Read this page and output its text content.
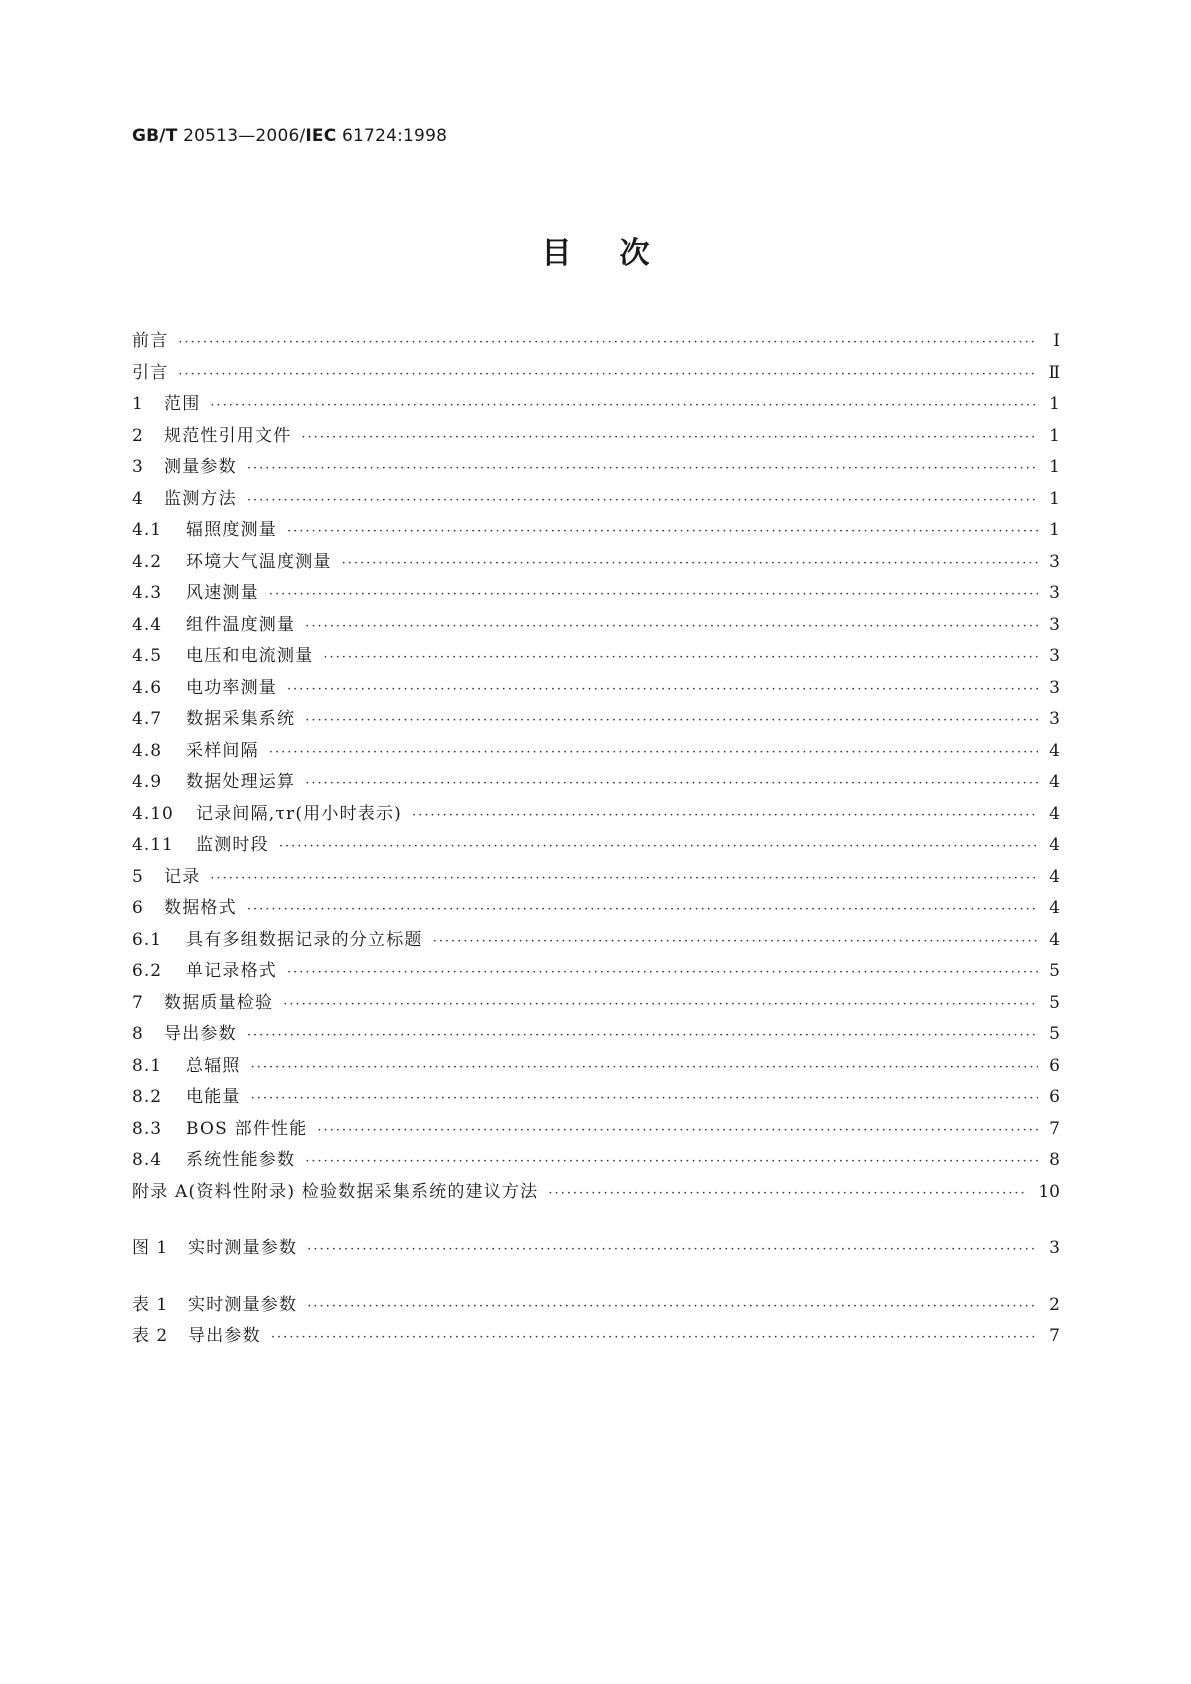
GB/T 20513—2006/IEC 61724:1998
目次
前言 ·····	Ⅰ
引言 ·····	Ⅱ
1	范围 ·····	1
2	规范性引用文件 ·····	1
3	测量参数 ·····	1
4	监测方法 ·····	1
4.1	辐照度测量 ·····	1
4.2	环境大气温度测量 ·····	3
4.3	风速测量 ·····	3
4.4	组件温度测量 ·····	3
4.5	电压和电流测量 ·····	3
4.6	电功率测量 ·····	3
4.7	数据采集系统 ·····	3
4.8	采样间隔 ·····	4
4.9	数据处理运算 ·····	4
4.10	记录间隔,τr(用小时表示) ·····	4
4.11	监测时段 ·····	4
5	记录 ·····	4
6	数据格式 ·····	4
6.1	具有多组数据记录的分立标题 ·····	4
6.2	单记录格式 ·····	5
7	数据质量检验 ·····	5
8	导出参数 ·····	5
8.1	总辐照 ·····	6
8.2	电能量 ·····	6
8.3	BOS 部件性能 ·····	7
8.4	系统性能参数 ·····	8
附录 A(资料性附录) 检验数据采集系统的建议方法 ·····	10
图 1	实时测量参数 ·····	3
表 1	实时测量参数 ·····	2
表 2	导出参数 ·····	7
